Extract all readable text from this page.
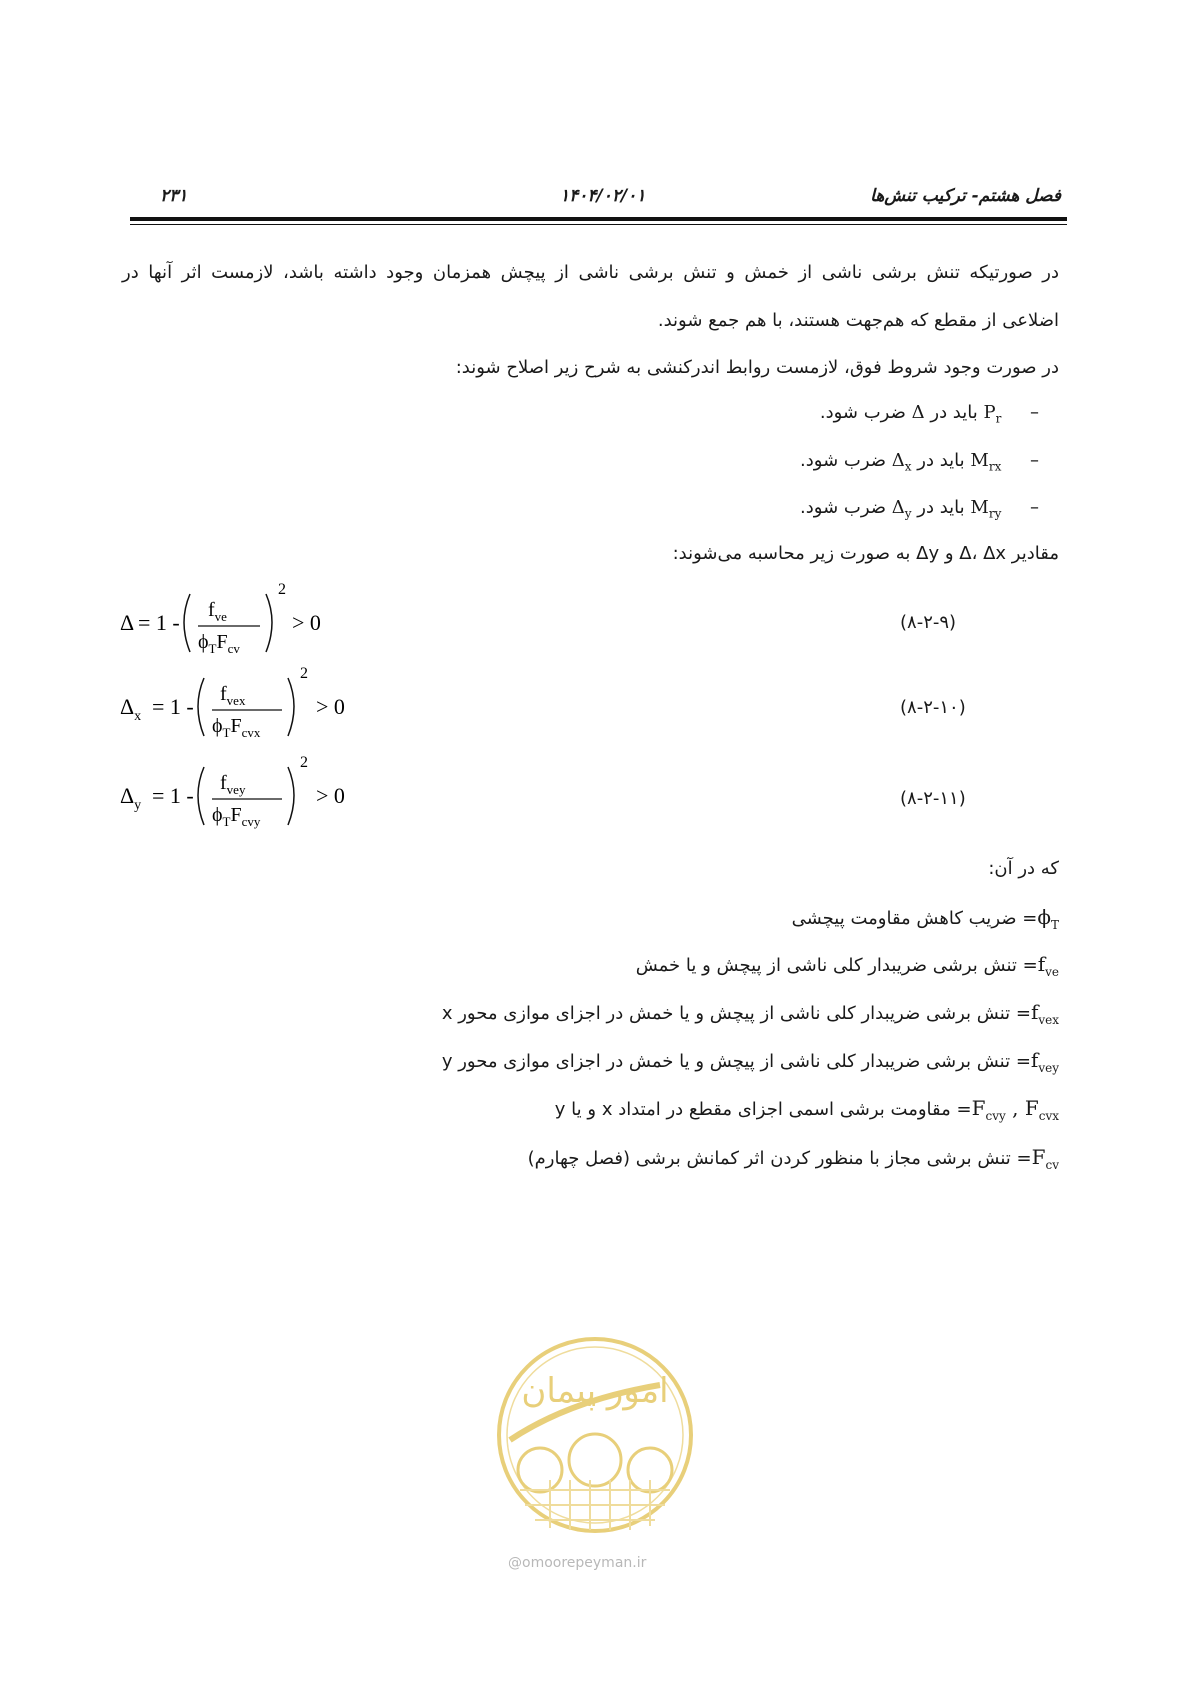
۲۳۱	۱۴۰۴/۰۲/۰۱	فصل هشتم- ترکیب تنش‌ها
در صورتیکه تنش برشی ناشی از خمش و تنش برشی ناشی از پیچش همزمان وجود داشته باشد، لازمست اثر آنها در
اضلاعی از مقطع که هم‌جهت هستند، با هم جمع شوند.
در صورت وجود شروط فوق، لازمست روابط اندرکنشی به شرح زیر اصلاح شوند:
–     $P_r$ باید در Δ ضرب شود.
–     $M_{rx}$ باید در $\Delta_x$ ضرب شود.
–     $M_{ry}$ باید در $\Delta_y$ ضرب شود.
مقادیر Δ، Δx و Δy به صورت زیر محاسبه می‌شوند:
$\Delta = 1 - f_{ve}$
$\phi_TF_{cv}$
2
> 0	(۸-۲-۹)
$\Delta_x = 1 - f_{vex}$
$\phi_TF_{cvx}$
2
> 0	(۸-۲-۱۰)
$\Delta_y = 1 - f_{vey}$
$\phi_TF_{cvy}$
2
> 0	(۸-۲-۱۱)
که در آن:
$\phi_T=$ ضریب کاهش مقاومت پیچشی
$f_{ve}=$ تنش برشی ضریبدار کلی ناشی از پیچش و یا خمش
$f_{vex}=$ تنش برشی ضریبدار کلی ناشی از پیچش و یا خمش در اجزای موازی محور x
$f_{vey}=$ تنش برشی ضریبدار کلی ناشی از پیچش و یا خمش در اجزای موازی محور y
$F_{cvy}$ , $F_{cvx}=$ مقاومت برشی اسمی اجزای مقطع در امتداد x و یا y
$F_{cv}=$ تنش برشی مجاز با منظور کردن اثر کمانش برشی (فصل چهارم)
امور پیمان
@omoorepeyman.ir
